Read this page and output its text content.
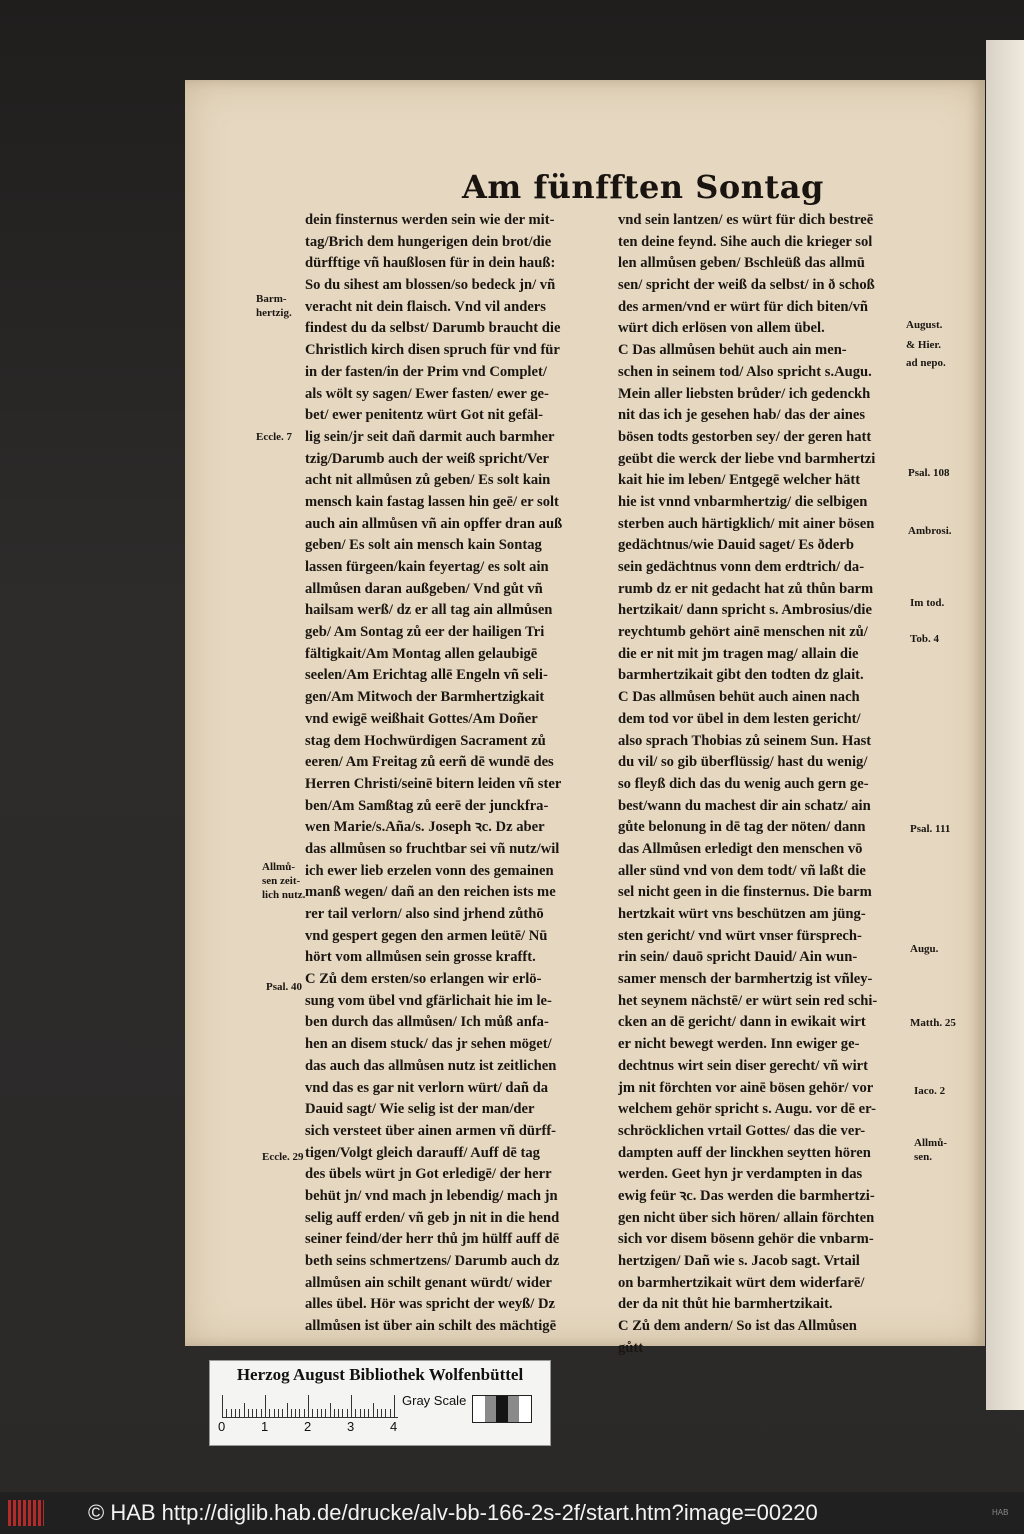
Am fünfften Sontag
dein finsternus werden sein wie der mit-
tag/Brich dem hungerigen dein brot/die
dürfftige vñ haußlosen für in dein hauß:
So du sihest am blossen/so bedeck jn/ vñ
veracht nit dein flaisch. Vnd vil anders
findest du da selbst/ Darumb braucht die
Christlich kirch disen spruch für vnd für
in der fasten/in der Prim vnd Complet/
als wölt sy sagen/ Ewer fasten/ ewer ge-
bet/ ewer penitentz würt Got nit gefäl-
lig sein/jr seit dañ darmit auch barmher
tzig/Darumb auch der weiß spricht/Ver
acht nit allmůsen zů geben/ Es solt kain
mensch kain fastag lassen hin geē/ er solt
auch ain allmůsen vñ ain opffer dran auß
geben/ Es solt ain mensch kain Sontag
lassen fürgeen/kain feyertag/ es solt ain
allmůsen daran außgeben/ Vnd gůt vñ
hailsam werß/ dz er all tag ain allmůsen
geb/ Am Sontag zů eer der hailigen Tri
fältigkait/Am Montag allen gelaubigē
seelen/Am Erichtag allē Engeln vñ seli-
gen/Am Mitwoch der Barmhertzigkait
vnd ewigē weißhait Gottes/Am Doñer
stag dem Hochwürdigen Sacrament zů
eeren/ Am Freitag zů eerñ dē wundē des
Herren Christi/seinē bitern leiden vñ ster
ben/Am Samßtag zů eerē der junckfra-
wen Marie/s.Aña/s. Joseph ꝛc. Dz aber
das allmůsen so fruchtbar sei vñ nutz/wil
ich ewer lieb erzelen vonn des gemainen
manß wegen/ dañ an den reichen ists me
rer tail verlorn/ also sind jrhend zůthō
vnd gespert gegen den armen leütē/ Nū
hört vom allmůsen sein grosse krafft.
C Zů dem ersten/so erlangen wir erlö-
sung vom übel vnd gfärlichait hie im le-
ben durch das allmůsen/ Ich můß anfa-
hen an disem stuck/ das jr sehen möget/
das auch das allmůsen nutz ist zeitlichen
vnd das es gar nit verlorn würt/ dañ da
Dauid sagt/ Wie selig ist der man/der
sich versteet über ainen armen vñ dürff-
tigen/Volgt gleich darauff/ Auff dē tag
des übels würt jn Got erledigē/ der herr
behüt jn/ vnd mach jn lebendig/ mach jn
selig auff erden/ vñ geb jn nit in die hend
seiner feind/der herr thů jm hülff auff dē
beth seins schmertzens/ Darumb auch dz
allmůsen ain schilt genant würdt/ wider
alles übel. Hör was spricht der weyß/ Dz
allmůsen ist über ain schilt des mächtigē
vnd sein lantzen/ es würt für dich bestreē
ten deine feynd. Sihe auch die krieger sol
len allmůsen geben/ Bschleüß das allmū
sen/ spricht der weiß da selbst/ in ð schoß
des armen/vnd er würt für dich biten/vñ
würt dich erlösen von allem übel.
C Das allmůsen behüt auch ain men-
schen in seinem tod/ Also spricht s.Augu.
Mein aller liebsten brůder/ ich gedenckh
nit das ich je gesehen hab/ das der aines
bösen todts gestorben sey/ der geren hatt
geübt die werck der liebe vnd barmhertzi
kait hie im leben/ Entgegē welcher hätt
hie ist vnnd vnbarmhertzig/ die selbigen
sterben auch härtigklich/ mit ainer bösen
gedächtnus/wie Dauid saget/ Es ðderb
sein gedächtnus vonn dem erdtrich/ da-
rumb dz er nit gedacht hat zů thůn barm
hertzikait/ dann spricht s. Ambrosius/die
reychtumb gehört ainē menschen nit zů/
die er nit mit jm tragen mag/ allain die
barmhertzikait gibt den todten dz glait.
C Das allmůsen behüt auch ainen nach
dem tod vor übel in dem lesten gericht/
also sprach Thobias zů seinem Sun. Hast
du vil/ so gib überflüssig/ hast du wenig/
so fleyß dich das du wenig auch gern ge-
best/wann du machest dir ain schatz/ ain
gůte belonung in dē tag der nöten/ dann
das Allmůsen erledigt den menschen vō
aller sünd vnd von dem todt/ vñ laßt die
sel nicht geen in die finsternus. Die barm
hertzkait würt vns beschützen am jüng-
sten gericht/ vnd würt vnser fürsprech-
rin sein/ dauō spricht Dauid/ Ain wun-
samer mensch der barmhertzig ist vñley-
het seynem nächstē/ er würt sein red schi-
cken an dē gericht/ dann in ewikait wirt
er nicht bewegt werden. Inn ewiger ge-
dechtnus wirt sein diser gerecht/ vñ wirt
jm nit förchten vor ainē bösen gehör/ vor
welchem gehör spricht s. Augu. vor dē er-
schröcklichen vrtail Gottes/ das die ver-
dampten auff der linckhen seytten hören
werden. Geet hyn jr verdampten in das
ewig feür ꝛc. Das werden die barmhertzi-
gen nicht über sich hören/ allain förchten
sich vor disem bösenn gehör die vnbarm-
hertzigen/ Dañ wie s. Jacob sagt. Vrtail
on barmhertzikait würt dem widerfarē/
der da nit thůt hie barmhertzikait.
C Zů dem andern/ So ist das Allmůsen
gůtt
Barm-
hertzig.
Eccle. 7
Allmů-
sen zeit-
lich nutz.
Psal. 40
Eccle. 29
August.
& Hier.
ad nepo.
Psal. 108
Ambrosi.
Im tod.
Tob. 4
Psal. 111
Augu.
Matth. 25
Iaco. 2
Allmů-
sen.
Herzog August Bibliothek Wolfenbüttel
0	1	2	3	4
Gray Scale
© HAB http://diglib.hab.de/drucke/alv-bb-166-2s-2f/start.htm?image=00220	HAB
